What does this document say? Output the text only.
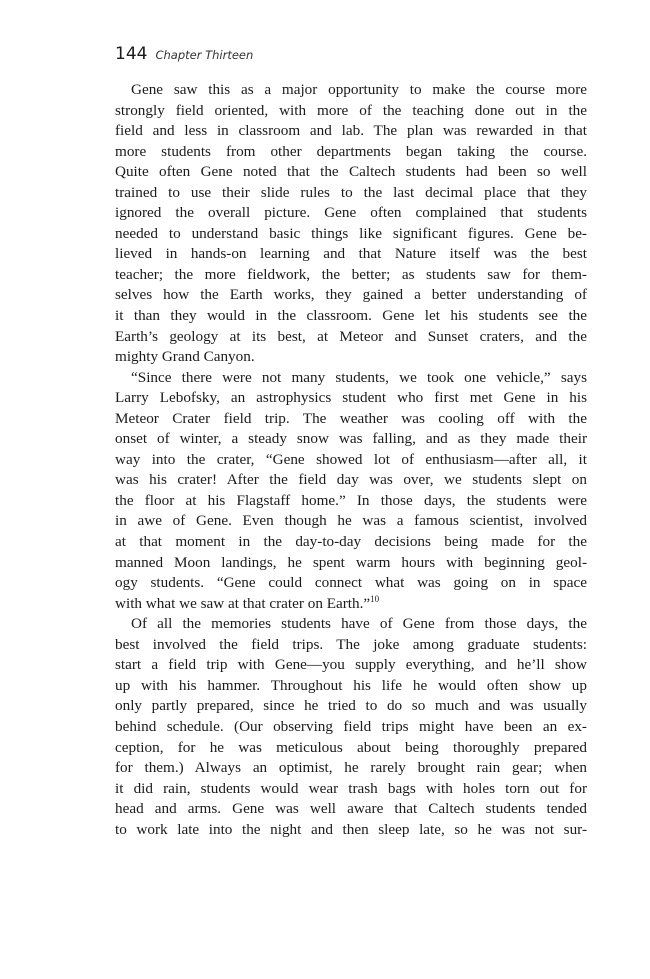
144 Chapter Thirteen
Gene saw this as a major opportunity to make the course more
strongly field oriented, with more of the teaching done out in the
field and less in classroom and lab. The plan was rewarded in that
more students from other departments began taking the course.
Quite often Gene noted that the Caltech students had been so well
trained to use their slide rules to the last decimal place that they
ignored the overall picture. Gene often complained that students
needed to understand basic things like significant figures. Gene be-
lieved in hands-on learning and that Nature itself was the best
teacher; the more fieldwork, the better; as students saw for them-
selves how the Earth works, they gained a better understanding of
it than they would in the classroom. Gene let his students see the
Earth’s geology at its best, at Meteor and Sunset craters, and the
mighty Grand Canyon.
“Since there were not many students, we took one vehicle,” says
Larry Lebofsky, an astrophysics student who first met Gene in his
Meteor Crater field trip. The weather was cooling off with the
onset of winter, a steady snow was falling, and as they made their
way into the crater, “Gene showed lot of enthusiasm—after all, it
was his crater! After the field day was over, we students slept on
the floor at his Flagstaff home.” In those days, the students were
in awe of Gene. Even though he was a famous scientist, involved
at that moment in the day-to-day decisions being made for the
manned Moon landings, he spent warm hours with beginning geol-
ogy students. “Gene could connect what was going on in space
with what we saw at that crater on Earth.”$^{10}$
Of all the memories students have of Gene from those days, the
best involved the field trips. The joke among graduate students:
start a field trip with Gene—you supply everything, and he’ll show
up with his hammer. Throughout his life he would often show up
only partly prepared, since he tried to do so much and was usually
behind schedule. (Our observing field trips might have been an ex-
ception, for he was meticulous about being thoroughly prepared
for them.) Always an optimist, he rarely brought rain gear; when
it did rain, students would wear trash bags with holes torn out for
head and arms. Gene was well aware that Caltech students tended
to work late into the night and then sleep late, so he was not sur-
